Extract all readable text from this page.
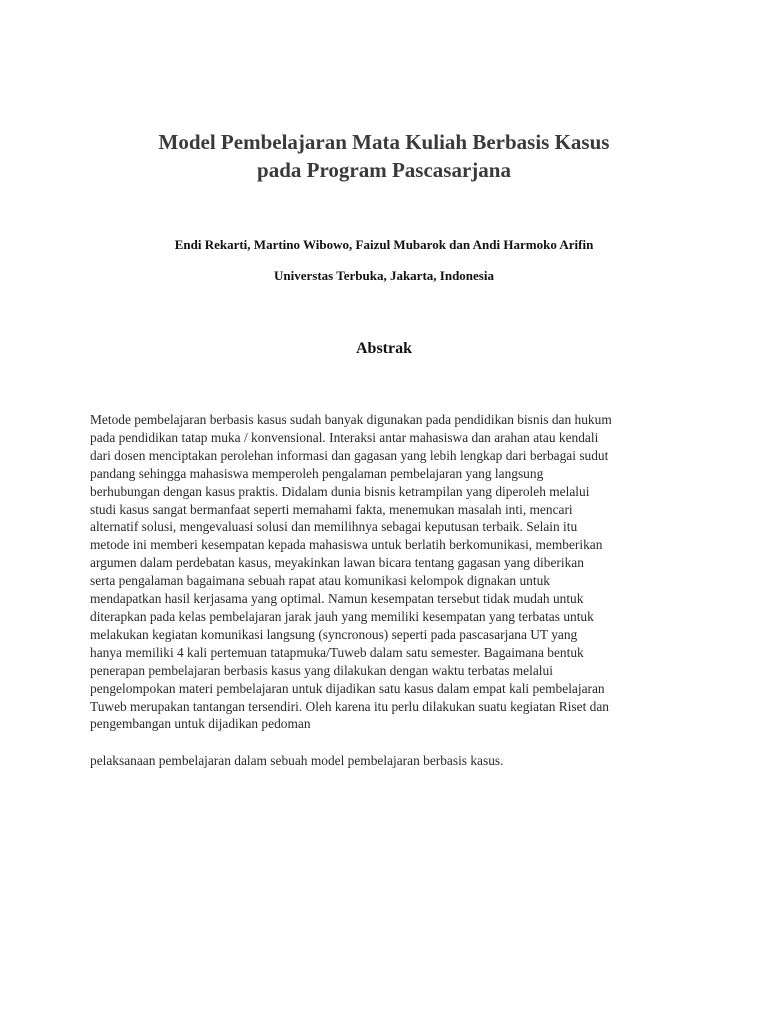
Model Pembelajaran Mata Kuliah Berbasis Kasus
pada Program Pascasarjana
Endi Rekarti, Martino Wibowo, Faizul Mubarok dan Andi Harmoko Arifin
Universtas Terbuka, Jakarta, Indonesia
Abstrak
Metode pembelajaran berbasis kasus sudah banyak digunakan pada pendidikan bisnis dan hukum
pada pendidikan tatap muka / konvensional. Interaksi antar mahasiswa dan arahan atau kendali
dari dosen menciptakan perolehan informasi dan gagasan yang lebih lengkap dari berbagai sudut
pandang sehingga mahasiswa memperoleh pengalaman pembelajaran yang langsung
berhubungan dengan kasus praktis. Didalam dunia bisnis ketrampilan yang diperoleh melalui
studi kasus sangat bermanfaat seperti memahami fakta, menemukan masalah inti, mencari
alternatif solusi, mengevaluasi solusi dan memilihnya sebagai keputusan terbaik. Selain itu
metode ini memberi kesempatan kepada mahasiswa untuk berlatih berkomunikasi, memberikan
argumen dalam perdebatan kasus, meyakinkan lawan bicara tentang gagasan yang diberikan
serta pengalaman bagaimana sebuah rapat atau komunikasi kelompok dignakan untuk
mendapatkan hasil kerjasama yang optimal. Namun kesempatan tersebut tidak mudah untuk
diterapkan pada kelas pembelajaran jarak jauh yang memiliki kesempatan yang terbatas untuk
melakukan kegiatan komunikasi langsung (syncronous) seperti pada pascasarjana UT yang
hanya memiliki 4 kali pertemuan tatapmuka/Tuweb dalam satu semester. Bagaimana bentuk
penerapan pembelajaran berbasis kasus yang dilakukan dengan waktu terbatas melalui
pengelompokan materi pembelajaran untuk dijadikan satu kasus dalam empat kali pembelajaran
Tuweb merupakan tantangan tersendiri. Oleh karena itu perlu dilakukan suatu kegiatan Riset dan
pengembangan untuk dijadikan pedoman
pelaksanaan pembelajaran dalam sebuah model pembelajaran berbasis kasus.
